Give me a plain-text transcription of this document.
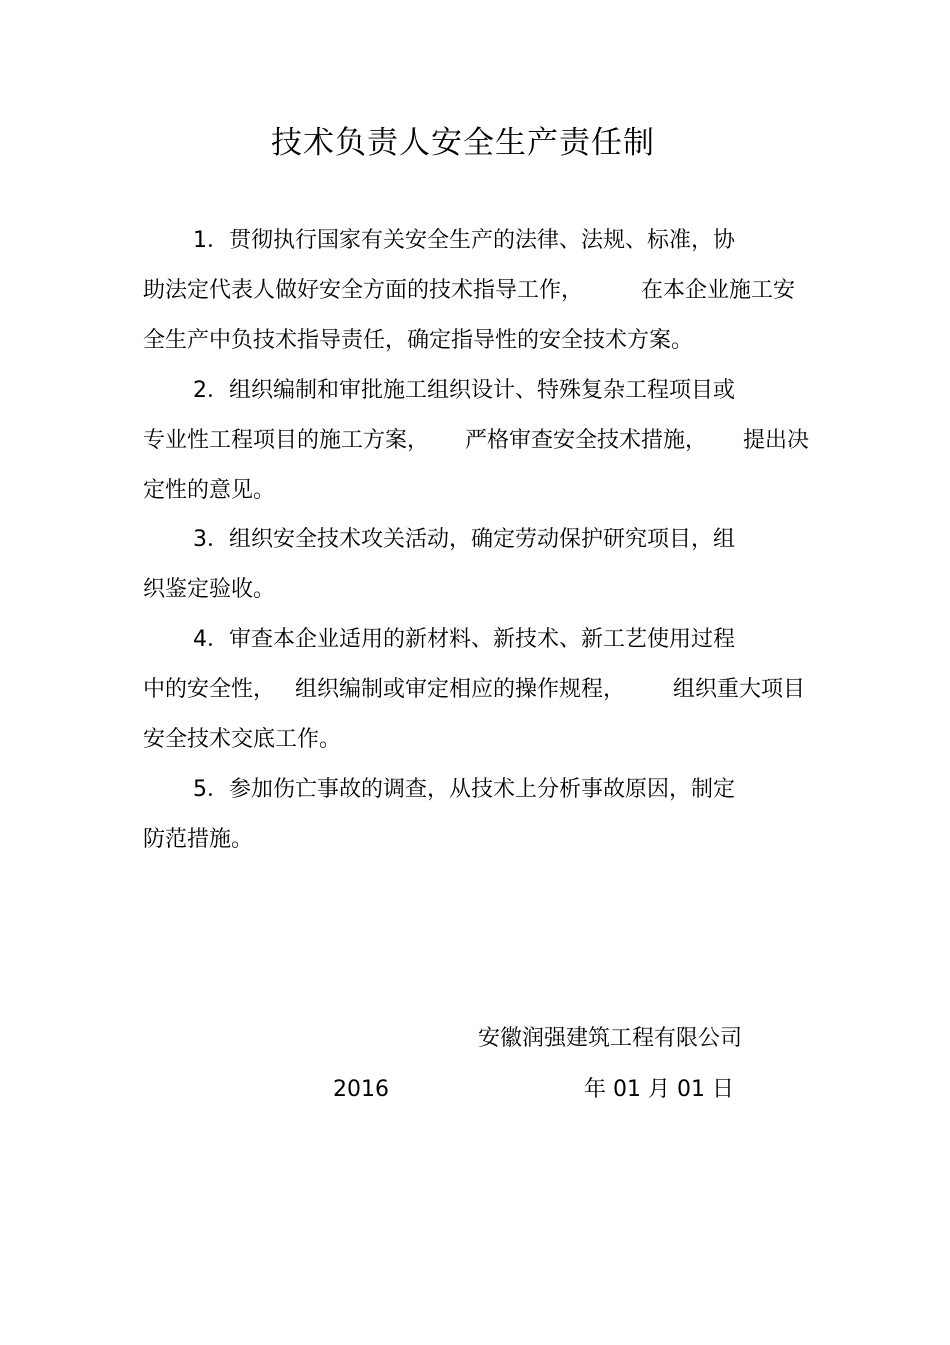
技术负责人安全生产责任制
1．贯彻执行国家有关安全生产的法律、法规、标准，协
助法定代表人做好安全方面的技术指导工作，	在本企业施工安
全生产中负技术指导责任，确定指导性的安全技术方案。
2．组织编制和审批施工组织设计、特殊复杂工程项目或
专业性工程项目的施工方案， 严格审查安全技术措施， 提出决
定性的意见。
3．组织安全技术攻关活动，确定劳动保护研究项目，组
织鉴定验收。
4．审查本企业适用的新材料、新技术、新工艺使用过程
中的安全性， 组织编制或审定相应的操作规程， 组织重大项目
安全技术交底工作。
5．参加伤亡事故的调查，从技术上分析事故原因，制定
防范措施。
安徽润强建筑工程有限公司
2016	年 01 月 01 日
